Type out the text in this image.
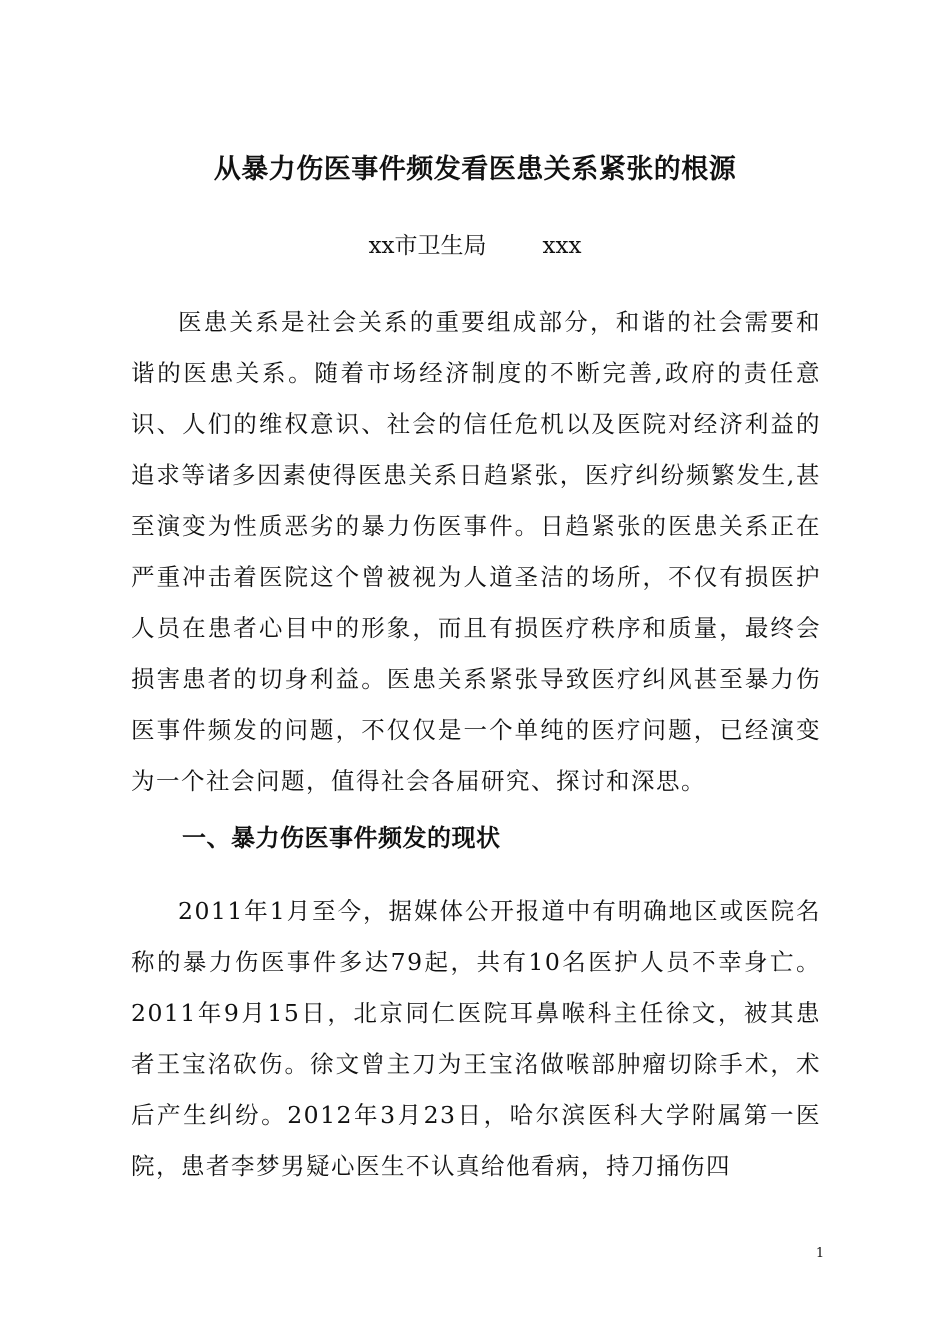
从暴力伤医事件频发看医患关系紧张的根源
xx市卫生局 xxx

医患关系是社会关系的重要组成部分，和谐的社会需要和谐的医患关系。随着市场经济制度的不断完善,政府的责任意识、人们的维权意识、社会的信任危机以及医院对经济利益的追求等诸多因素使得医患关系日趋紧张，医疗纠纷频繁发生,甚至演变为性质恶劣的暴力伤医事件。日趋紧张的医患关系正在严重冲击着医院这个曾被视为人道圣洁的场所，不仅有损医护人员在患者心目中的形象，而且有损医疗秩序和质量，最终会损害患者的切身利益。医患关系紧张导致医疗纠风甚至暴力伤医事件频发的问题，不仅仅是一个单纯的医疗问题，已经演变为一个社会问题，值得社会各届研究、探讨和深思。

一、暴力伤医事件频发的现状

2011年1月至今，据媒体公开报道中有明确地区或医院名称的暴力伤医事件多达79起，共有10名医护人员不幸身亡。2011年9月15日，北京同仁医院耳鼻喉科主任徐文，被其患者王宝洺砍伤。徐文曾主刀为王宝洺做喉部肿瘤切除手术，术后产生纠纷。2012年3月23日，哈尔滨医科大学附属第一医院，患者李梦男疑心医生不认真给他看病，持刀捅伤四

1
